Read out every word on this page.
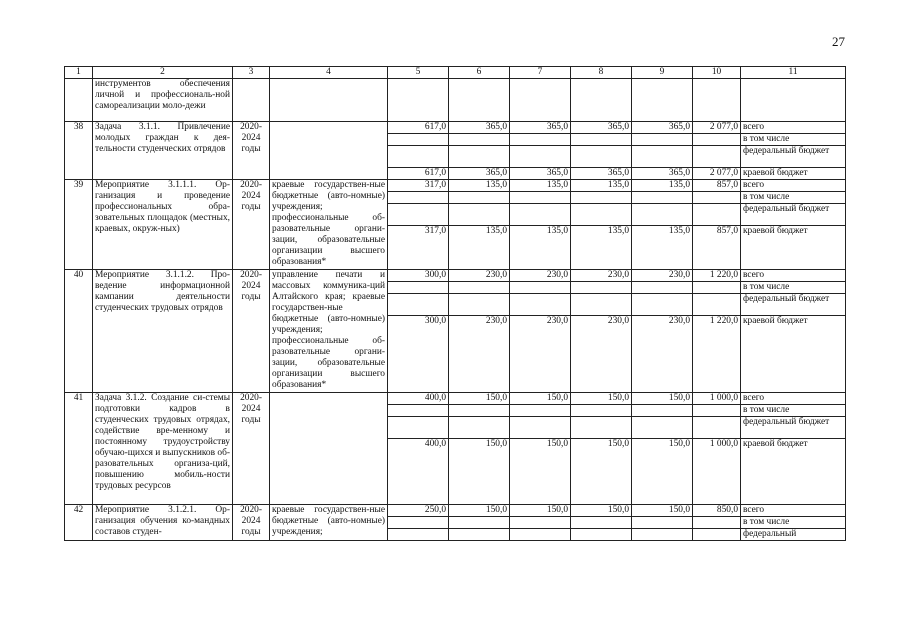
27
1	2	3	4	5	6	7	8	9	10	11
	инструментов обеспечения личной и профессиональ-ной самореализации моло-дежи									
38	Задача 3.1.1. Привлечение молодых граждан к дея-тельности студенческих отрядов	2020-2024 годы		617,0	365,0	365,0	365,0	365,0	2 077,0	всего
										в том числе
										федеральный бюджет
				617,0	365,0	365,0	365,0	365,0	2 077,0	краевой бюджет
39	Мероприятие 3.1.1.1. Ор-ганизация и проведение профессиональных обра-зовательных площадок (местных, краевых, окруж-ных)	2020-2024 годы	краевые государствен-ные бюджетные (авто-номные) учреждения; профессиональные об-разовательные органи-зации, образовательные организации высшего образования*	317,0	135,0	135,0	135,0	135,0	857,0	всего
										в том числе
										федеральный бюджет
				317,0	135,0	135,0	135,0	135,0	857,0	краевой бюджет
40	Мероприятие 3.1.1.2. Про-ведение информационной кампании деятельности студенческих трудовых отрядов	2020-2024 годы	управление печати и массовых коммуника-ций Алтайского края; краевые государствен-ные бюджетные (авто-номные) учреждения; профессиональные об-разовательные органи-зации, образовательные организации высшего образования*	300,0	230,0	230,0	230,0	230,0	1 220,0	всего
										в том числе
										федеральный бюджет
				300,0	230,0	230,0	230,0	230,0	1 220,0	краевой бюджет
41	Задача 3.1.2. Создание си-стемы подготовки кадров в студенческих трудовых отрядах, содействие вре-менному и постоянному трудоустройству обучаю-щихся и выпускников об-разовательных организа-ций, повышению мобиль-ности трудовых ресурсов	2020-2024 годы		400,0	150,0	150,0	150,0	150,0	1 000,0	всего
										в том числе
										федеральный бюджет
				400,0	150,0	150,0	150,0	150,0	1 000,0	краевой бюджет
42	Мероприятие 3.1.2.1. Ор-ганизация обучения ко-мандных составов студен-	2020-2024 годы	краевые государствен-ные бюджетные (авто-номные) учреждения;	250,0	150,0	150,0	150,0	150,0	850,0	всего
										в том числе
										федеральный
